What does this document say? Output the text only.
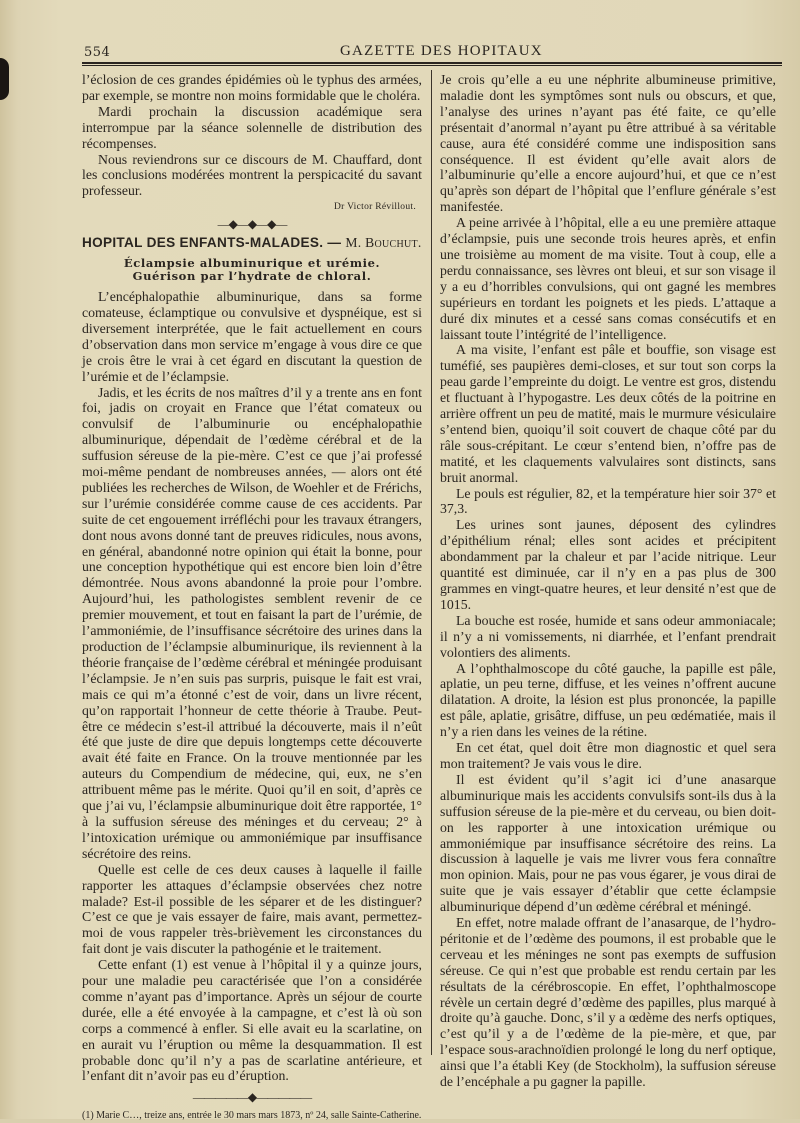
554	GAZETTE DES HOPITAUX

l’éclosion de ces grandes épidémies où le typhus des armées, par exemple, se montre non moins formidable que le choléra.

Mardi prochain la discussion académique sera interrompue par la séance solennelle de distribution des récompenses.

Nous reviendrons sur ce discours de M. Chauffard, dont les conclusions modérées montrent la perspicacité du savant professeur.

Dr Victor Révillout.
—◆—◆—◆—
HOPITAL DES ENFANTS-MALADES. — M. Bouchut.
Éclampsie albuminurique et urémie. Guérison par l’hydrate de chloral.

L’encéphalopathie albuminurique, dans sa forme comateuse, éclamptique ou convulsive et dyspnéique, est si diversement interprétée, que le fait actuellement en cours d’observation dans mon service m’engage à vous dire ce que je crois être le vrai à cet égard en discutant la question de l’urémie et de l’éclampsie.

Jadis, et les écrits de nos maîtres d’il y a trente ans en font foi, jadis on croyait en France que l’état comateux ou convulsif de l’albuminurie ou encéphalopathie albuminurique, dépendait de l’œdème cérébral et de la suffusion séreuse de la pie-mère. C’est ce que j’ai professé moi-même pendant de nombreuses années, — alors ont été publiées les recherches de Wilson, de Woehler et de Frérichs, sur l’urémie considérée comme cause de ces accidents. Par suite de cet engouement irréfléchi pour les travaux étrangers, dont nous avons donné tant de preuves ridicules, nous avons, en général, abandonné notre opinion qui était la bonne, pour une conception hypothétique qui est encore bien loin d’être démontrée. Nous avons abandonné la proie pour l’ombre. Aujourd’hui, les pathologistes semblent revenir de ce premier mouvement, et tout en faisant la part de l’urémie, de l’ammoniémie, de l’insuffisance sécrétoire des urines dans la production de l’éclampsie albuminurique, ils reviennent à la théorie française de l’œdème cérébral et méningée produisant l’éclampsie. Je n’en suis pas surpris, puisque le fait est vrai, mais ce qui m’a étonné c’est de voir, dans un livre récent, qu’on rapportait l’honneur de cette théorie à Traube. Peut-être ce médecin s’est-il attribué la découverte, mais il n’eût été que juste de dire que depuis longtemps cette découverte avait été faite en France. On la trouve mentionnée par les auteurs du Compendium de médecine, qui, eux, ne s’en attribuent même pas le mérite. Quoi qu’il en soit, d’après ce que j’ai vu, l’éclampsie albuminurique doit être rapportée, 1° à la suffusion séreuse des méninges et du cerveau; 2° à l’intoxication urémique ou ammoniémique par insuffisance sécrétoire des reins.

Quelle est celle de ces deux causes à laquelle il faille rapporter les attaques d’éclampsie observées chez notre malade? Est-il possible de les séparer et de les distinguer? C’est ce que je vais essayer de faire, mais avant, permettez-moi de vous rappeler très-brièvement les circonstances du fait dont je vais discuter la pathogénie et le traitement.

Cette enfant (1) est venue à l’hôpital il y a quinze jours, pour une maladie peu caractérisée que l’on a considérée comme n’ayant pas d’importance. Après un séjour de courte durée, elle a été envoyée à la campagne, et c’est là où son corps a commencé à enfler. Si elle avait eu la scarlatine, on en aurait vu l’éruption ou même la desquammation. Il est probable donc qu’il n’y a pas de scarlatine antérieure, et l’enfant dit n’avoir pas eu d’éruption.

—————◆—————
(1) Marie C…, treize ans, entrée le 30 mars mars 1873, nº 24, salle Sainte-Catherine.

Je crois qu’elle a eu une néphrite albumineuse primitive, maladie dont les symptômes sont nuls ou obscurs, et que, l’analyse des urines n’ayant pas été faite, ce qu’elle présentait d’anormal n’ayant pu être attribué à sa véritable cause, aura été considéré comme une indisposition sans conséquence. Il est évident qu’elle avait alors de l’albuminurie qu’elle a encore aujourd’hui, et que ce n’est qu’après son départ de l’hôpital que l’enflure générale s’est manifestée.

A peine arrivée à l’hôpital, elle a eu une première attaque d’éclampsie, puis une seconde trois heures après, et enfin une troisième au moment de ma visite. Tout à coup, elle a perdu connaissance, ses lèvres ont bleui, et sur son visage il y a eu d’horribles convulsions, qui ont gagné les membres supérieurs en tordant les poignets et les pieds. L’attaque a duré dix minutes et a cessé sans comas consécutifs et en laissant toute l’intégrité de l’intelligence.

A ma visite, l’enfant est pâle et bouffie, son visage est tuméfié, ses paupières demi-closes, et sur tout son corps la peau garde l’empreinte du doigt. Le ventre est gros, distendu et fluctuant à l’hypogastre. Les deux côtés de la poitrine en arrière offrent un peu de matité, mais le murmure vésiculaire s’entend bien, quoiqu’il soit couvert de chaque côté par du râle sous-crépitant. Le cœur s’entend bien, n’offre pas de matité, et les claquements valvulaires sont distincts, sans bruit anormal.

Le pouls est régulier, 82, et la température hier soir 37° et 37,3.

Les urines sont jaunes, déposent des cylindres d’épithélium rénal; elles sont acides et précipitent abondamment par la chaleur et par l’acide nitrique. Leur quantité est diminuée, car il n’y en a pas plus de 300 grammes en vingt-quatre heures, et leur densité n’est que de 1015.

La bouche est rosée, humide et sans odeur ammoniacale; il n’y a ni vomissements, ni diarrhée, et l’enfant prendrait volontiers des aliments.

A l’ophthalmoscope du côté gauche, la papille est pâle, aplatie, un peu terne, diffuse, et les veines n’offrent aucune dilatation. A droite, la lésion est plus prononcée, la papille est pâle, aplatie, grisâtre, diffuse, un peu œdématiée, mais il n’y a rien dans les veines de la rétine.

En cet état, quel doit être mon diagnostic et quel sera mon traitement? Je vais vous le dire.

Il est évident qu’il s’agit ici d’une anasarque albuminurique mais les accidents convulsifs sont-ils dus à la suffusion séreuse de la pie-mère et du cerveau, ou bien doit-on les rapporter à une intoxication urémique ou ammoniémique par insuffisance sécrétoire des reins. La discussion à laquelle je vais me livrer vous fera connaître mon opinion. Mais, pour ne pas vous égarer, je vous dirai de suite que je vais essayer d’établir que cette éclampsie albuminurique dépend d’un œdème cérébral et méningé.

En effet, notre malade offrant de l’anasarque, de l’hydro-péritonie et de l’œdème des poumons, il est probable que le cerveau et les méninges ne sont pas exempts de suffusion séreuse. Ce qui n’est que probable est rendu certain par les résultats de la cérébroscopie. En effet, l’ophthalmoscope révèle un certain degré d’œdème des papilles, plus marqué à droite qu’à gauche. Donc, s’il y a œdème des nerfs optiques, c’est qu’il y a de l’œdème de la pie-mère, et que, par l’espace sous-arachnoïdien prolongé le long du nerf optique, ainsi que l’a établi Key (de Stockholm), la suffusion séreuse de l’encéphale a pu gagner la papille.
